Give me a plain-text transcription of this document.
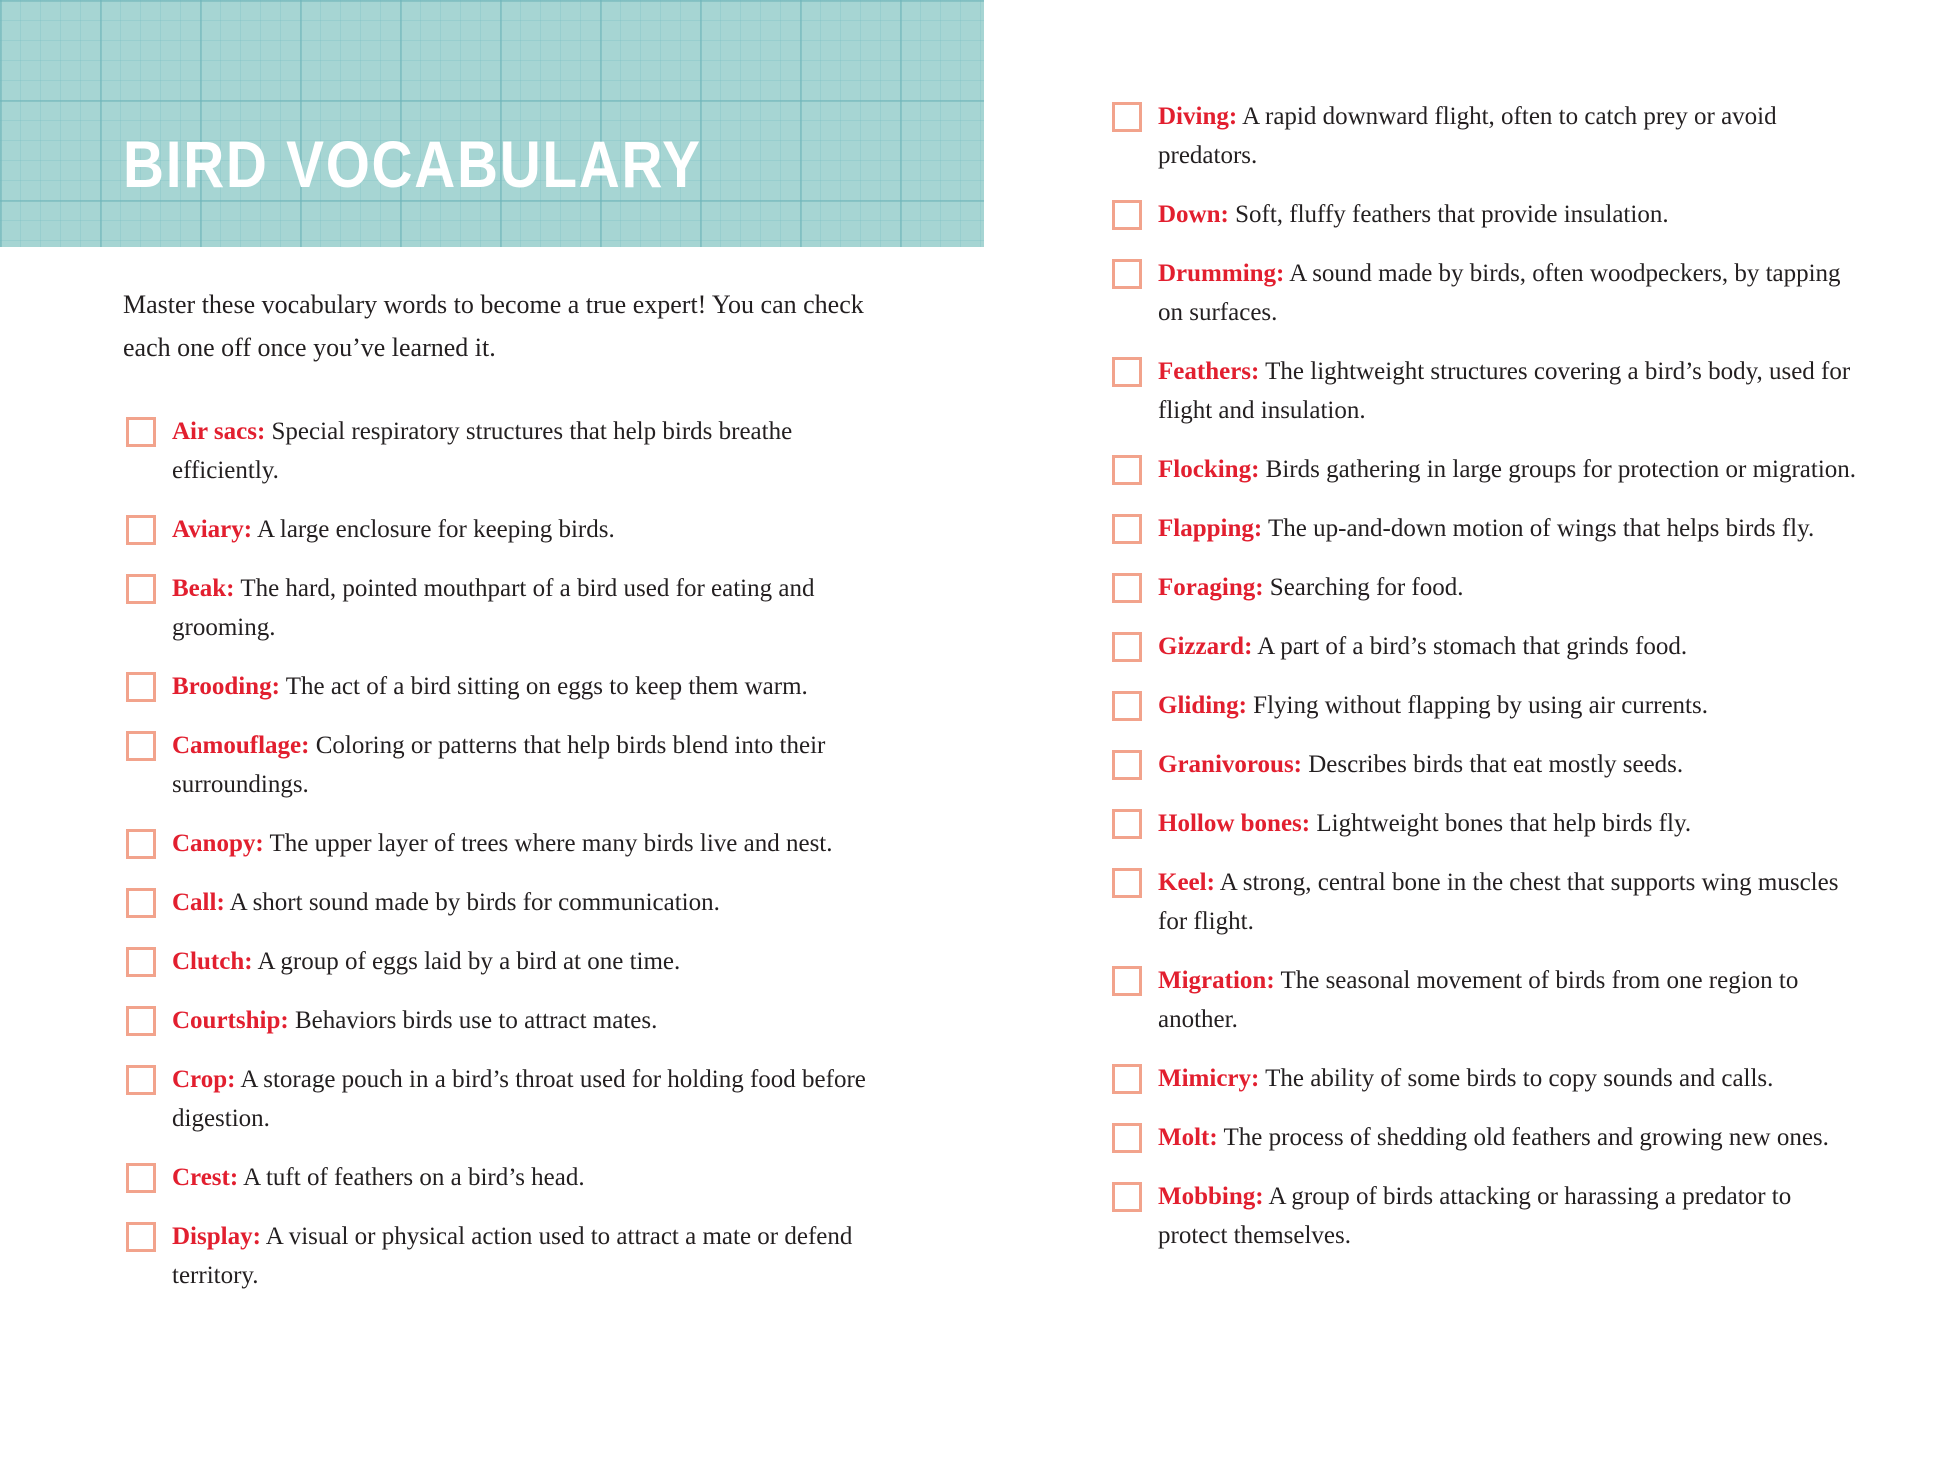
BIRD VOCABULARY

Master these vocabulary words to become a true expert! You can check each one off once you’ve learned it.

Air sacs: Special respiratory structures that help birds breathe efficiently.
Aviary: A large enclosure for keeping birds.
Beak: The hard, pointed mouthpart of a bird used for eating and grooming.
Brooding: The act of a bird sitting on eggs to keep them warm.
Camouflage: Coloring or patterns that help birds blend into their surroundings.
Canopy: The upper layer of trees where many birds live and nest.
Call: A short sound made by birds for communication.
Clutch: A group of eggs laid by a bird at one time.
Courtship: Behaviors birds use to attract mates.
Crop: A storage pouch in a bird’s throat used for holding food before digestion.
Crest: A tuft of feathers on a bird’s head.
Display: A visual or physical action used to attract a mate or defend territory.
Diving: A rapid downward flight, often to catch prey or avoid predators.
Down: Soft, fluffy feathers that provide insulation.
Drumming: A sound made by birds, often woodpeckers, by tapping on surfaces.
Feathers: The lightweight structures covering a bird’s body, used for flight and insulation.
Flocking: Birds gathering in large groups for protection or migration.
Flapping: The up-and-down motion of wings that helps birds fly.
Foraging: Searching for food.
Gizzard: A part of a bird’s stomach that grinds food.
Gliding: Flying without flapping by using air currents.
Granivorous: Describes birds that eat mostly seeds.
Hollow bones: Lightweight bones that help birds fly.
Keel: A strong, central bone in the chest that supports wing muscles for flight.
Migration: The seasonal movement of birds from one region to another.
Mimicry: The ability of some birds to copy sounds and calls.
Molt: The process of shedding old feathers and growing new ones.
Mobbing: A group of birds attacking or harassing a predator to protect themselves.
